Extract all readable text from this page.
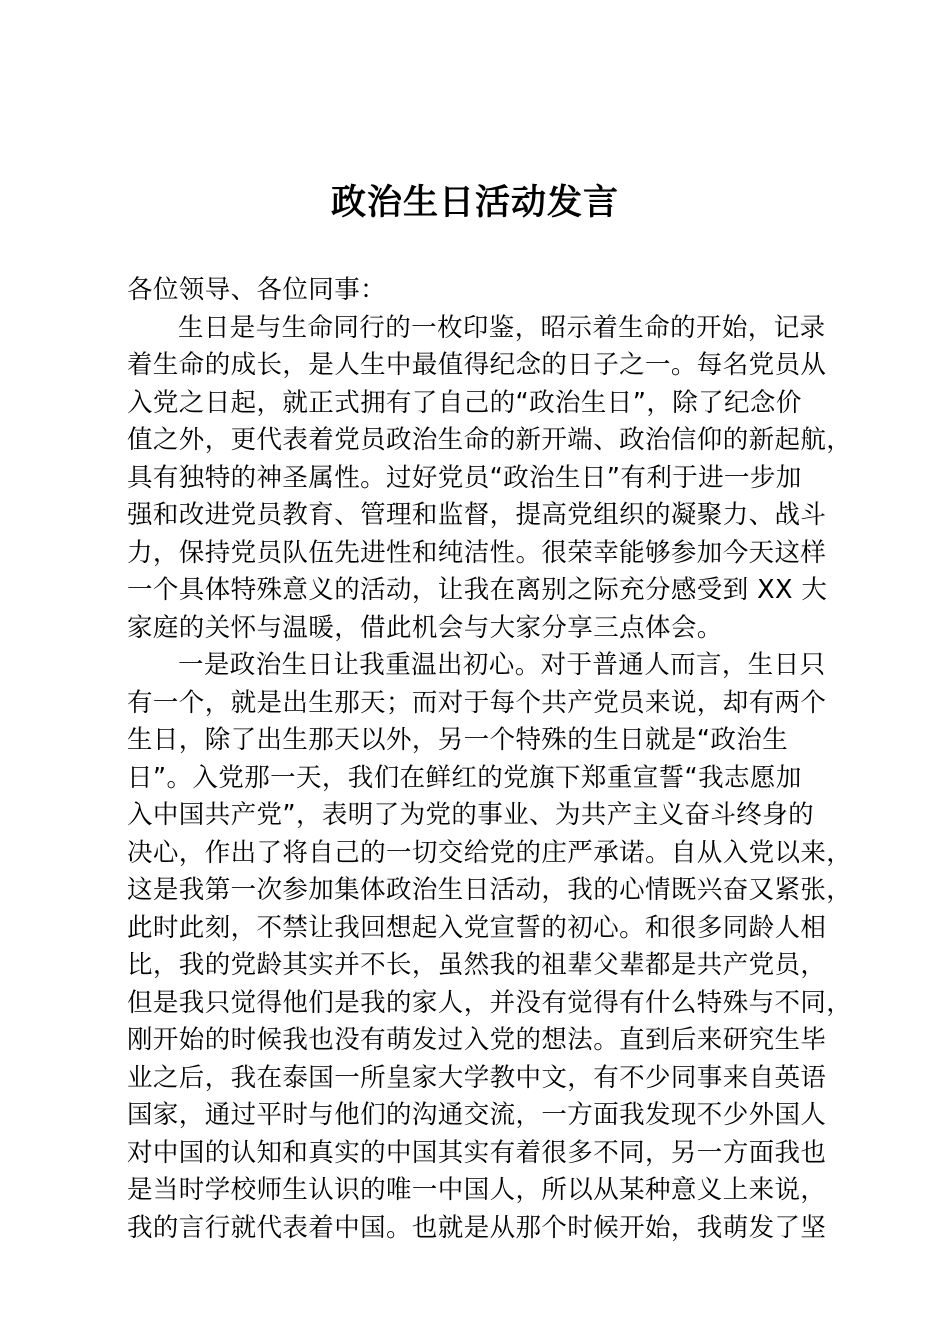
政治生日活动发言
各位领导、各位同事：
生日是与生命同行的一枚印鉴，昭示着生命的开始，记录
着生命的成长，是人生中最值得纪念的日子之一。每名党员从
入党之日起，就正式拥有了自己的“政治生日”，除了纪念价
值之外，更代表着党员政治生命的新开端、政治信仰的新起航，
具有独特的神圣属性。过好党员“政治生日”有利于进一步加
强和改进党员教育、管理和监督，提高党组织的凝聚力、战斗
力，保持党员队伍先进性和纯洁性。很荣幸能够参加今天这样
一个具体特殊意义的活动，让我在离别之际充分感受到 XX 大
家庭的关怀与温暖，借此机会与大家分享三点体会。
一是政治生日让我重温出初心。对于普通人而言，生日只
有一个，就是出生那天；而对于每个共产党员来说，却有两个
生日，除了出生那天以外，另一个特殊的生日就是“政治生
日”。入党那一天，我们在鲜红的党旗下郑重宣誓“我志愿加
入中国共产党”，表明了为党的事业、为共产主义奋斗终身的
决心，作出了将自己的一切交给党的庄严承诺。自从入党以来，
这是我第一次参加集体政治生日活动，我的心情既兴奋又紧张，
此时此刻，不禁让我回想起入党宣誓的初心。和很多同龄人相
比，我的党龄其实并不长，虽然我的祖辈父辈都是共产党员，
但是我只觉得他们是我的家人，并没有觉得有什么特殊与不同，
刚开始的时候我也没有萌发过入党的想法。直到后来研究生毕
业之后，我在泰国一所皇家大学教中文，有不少同事来自英语
国家，通过平时与他们的沟通交流，一方面我发现不少外国人
对中国的认知和真实的中国其实有着很多不同，另一方面我也
是当时学校师生认识的唯一中国人，所以从某种意义上来说，
我的言行就代表着中国。也就是从那个时候开始，我萌发了坚
